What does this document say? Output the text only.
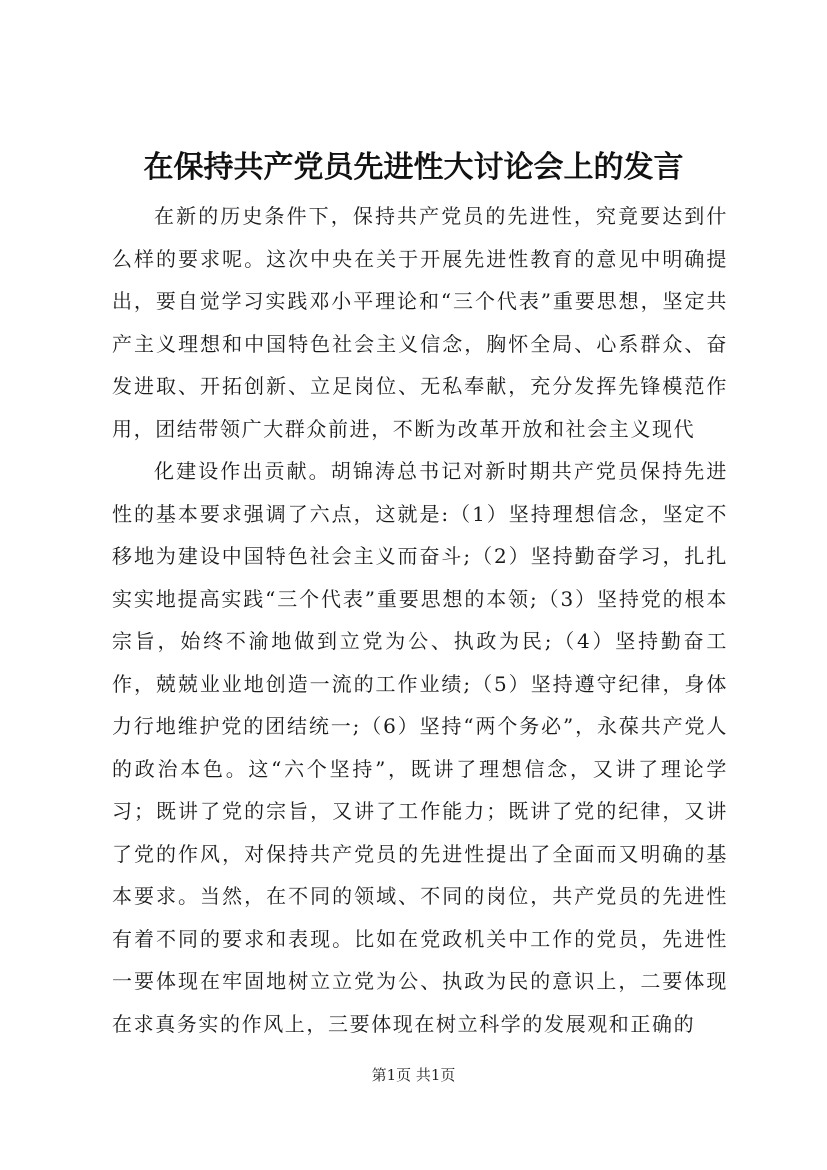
在保持共产党员先进性大讨论会上的发言

在新的历史条件下，保持共产党员的先进性，究竟要达到什么样的要求呢。这次中央在关于开展先进性教育的意见中明确提出，要自觉学习实践邓小平理论和“三个代表”重要思想，坚定共产主义理想和中国特色社会主义信念，胸怀全局、心系群众、奋发进取、开拓创新、立足岗位、无私奉献，充分发挥先锋模范作用，团结带领广大群众前进，不断为改革开放和社会主义现代

化建设作出贡献。胡锦涛总书记对新时期共产党员保持先进性的基本要求强调了六点，这就是:（1）坚持理想信念，坚定不移地为建设中国特色社会主义而奋斗;（2）坚持勤奋学习，扎扎实实地提高实践“三个代表”重要思想的本领;（3）坚持党的根本宗旨，始终不渝地做到立党为公、执政为民;（4）坚持勤奋工作，兢兢业业地创造一流的工作业绩;（5）坚持遵守纪律，身体力行地维护党的团结统一;（6）坚持“两个务必”，永葆共产党人的政治本色。这“六个坚持”，既讲了理想信念，又讲了理论学习；既讲了党的宗旨，又讲了工作能力；既讲了党的纪律，又讲了党的作风，对保持共产党员的先进性提出了全面而又明确的基本要求。当然，在不同的领域、不同的岗位，共产党员的先进性有着不同的要求和表现。比如在党政机关中工作的党员，先进性一要体现在牢固地树立立党为公、执政为民的意识上，二要体现在求真务实的作风上，三要体现在树立科学的发展观和正确的

第1页 共1页
